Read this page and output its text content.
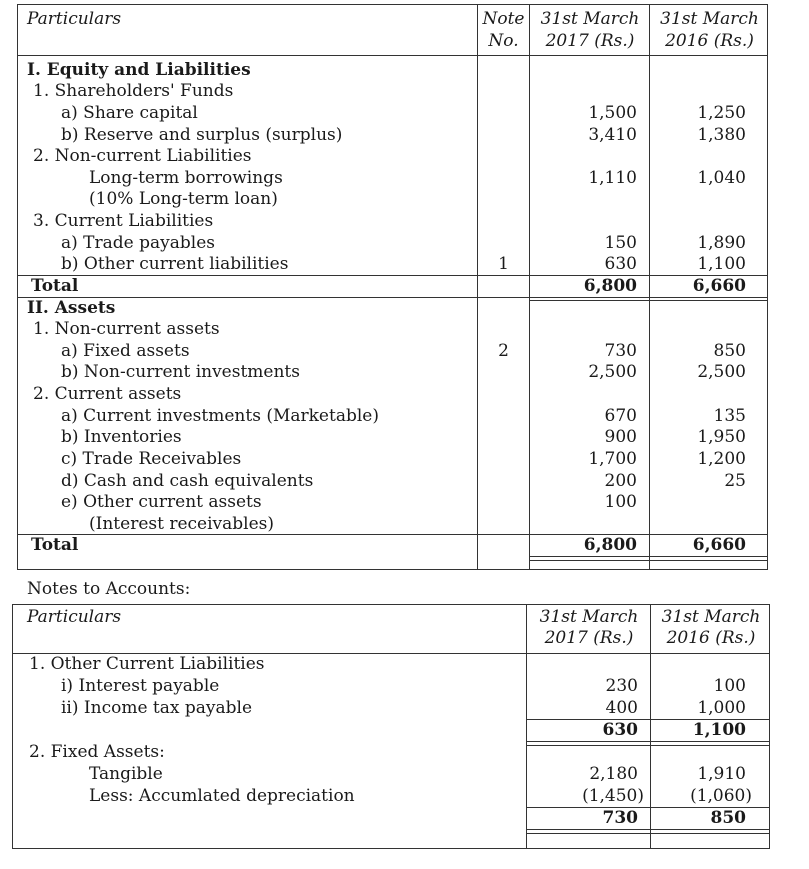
Particulars	Note
No.
31st March
2017 (Rs.)
31st March
2016 (Rs.)
I. Equity and Liabilities
1. Shareholders' Funds
a) Share capital
b) Reserve and surplus (surplus)
2. Non-current Liabilities
Long-term borrowings
(10% Long-term loan)
3. Current Liabilities
a) Trade payables
b) Other current liabilities
Total
II. Assets
1. Non-current assets
a) Fixed assets
b) Non-current investments
2. Current assets
a) Current investments (Marketable)
b) Inventories
c) Trade Receivables
d) Cash and cash equivalents
e) Other current assets
(Interest receivables)
Total
1
2
1,500
3,410
1,110
150
630
6,800
730
2,500
670
900
1,700
200
100
6,800
1,250
1,380
1,040
1,890
1,100
6,660
850
2,500
135
1,950
1,200
25
6,660
Notes to Accounts:
Particulars	31st March
2017 (Rs.)
31st March
2016 (Rs.)
1. Other Current Liabilities
i) Interest payable
ii) Income tax payable
2. Fixed Assets:
Tangible
Less: Accumlated depreciation
230
400
630
2,180
(1,450)
730
100
1,000
1,100
1,910
(1,060)
850
